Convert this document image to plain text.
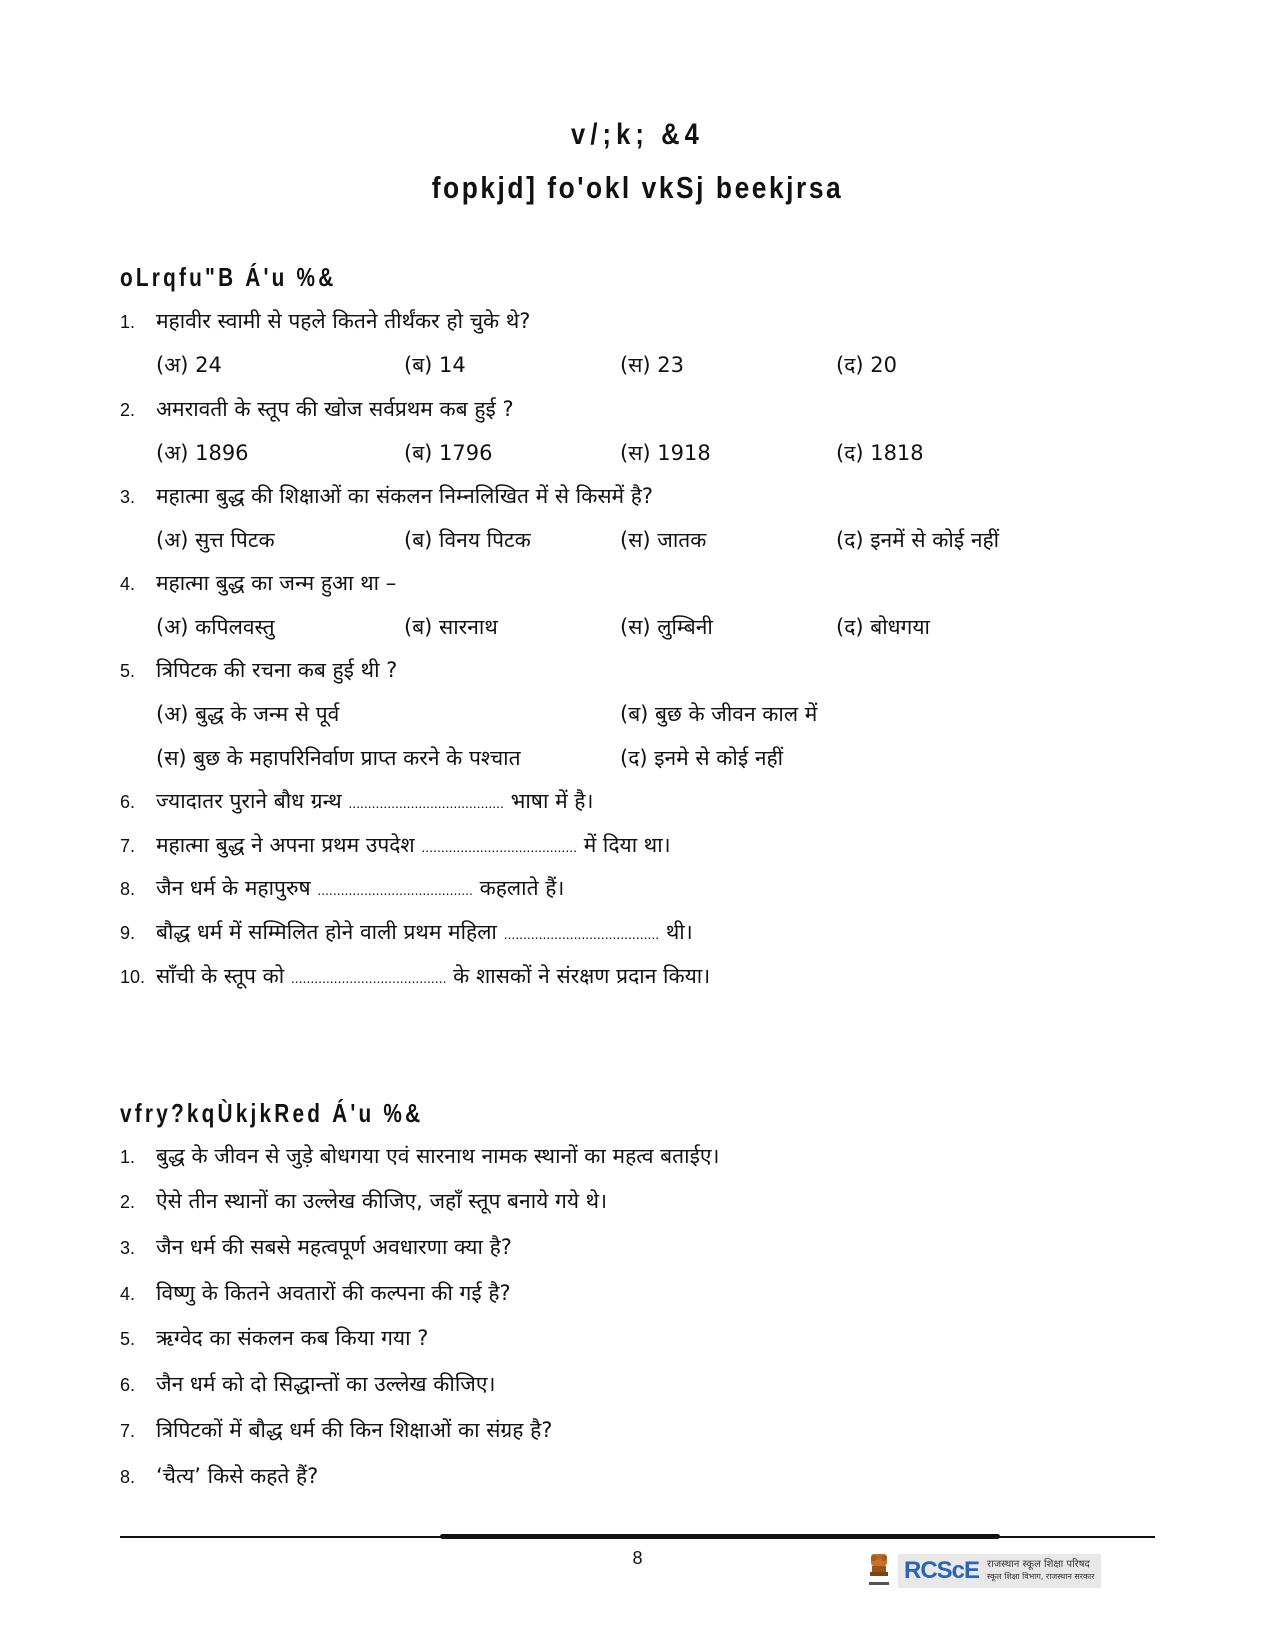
v/;k; &4
fopkjd] fo'okl vkSj beekjrsa
oLrqfu"B Á'u %&
1. महावीर स्वामी से पहले कितने तीर्थंकर हो चुके थे?
(अ) 24	(ब) 14	(स) 23	(द) 20
2. अमरावती के स्तूप की खोज सर्वप्रथम कब हुई ?
(अ) 1896	(ब) 1796	(स) 1918	(द) 1818
3. महात्मा बुद्ध की शिक्षाओं का संकलन निम्नलिखित में से किसमें है?
(अ) सुत्त पिटक	(ब) विनय पिटक	(स) जातक	(द) इनमें से कोई नहीं
4. महात्मा बुद्ध का जन्म हुआ था –
(अ) कपिलवस्तु	(ब) सारनाथ	(स) लुम्बिनी	(द) बोधगया
5. त्रिपिटक की रचना कब हुई थी ?
(अ) बुद्ध के जन्म से पूर्व	(ब) बुछ के जीवन काल में
(स) बुछ के महापरिनिर्वाण प्राप्त करने के पश्चात	(द) इनमे से कोई नहीं
6. ज्यादातर पुराने बौध ग्रन्थ ........................................ भाषा में है।
7. महात्मा बुद्ध ने अपना प्रथम उपदेश ........................................ में दिया था।
8. जैन धर्म के महापुरुष ........................................ कहलाते हैं।
9. बौद्ध धर्म में सम्मिलित होने वाली प्रथम महिला ........................................ थी।
10. साँची के स्तूप को ........................................ के शासकों ने संरक्षण प्रदान किया।
vfry?kqÙkjkRed Á'u %&
1. बुद्ध के जीवन से जुड़े बोधगया एवं सारनाथ नामक स्थानों का महत्व बताईए।
2. ऐसे तीन स्थानों का उल्लेख कीजिए, जहाँ स्तूप बनाये गये थे।
3. जैन धर्म की सबसे महत्वपूर्ण अवधारणा क्या है?
4. विष्णु के कितने अवतारों की कल्पना की गई है?
5. ऋग्वेद का संकलन कब किया गया ?
6. जैन धर्म को दो सिद्धान्तों का उल्लेख कीजिए।
7. त्रिपिटकों में बौद्ध धर्म की किन शिक्षाओं का संग्रह है?
8. ‘चैत्य’ किसे कहते हैं?
8	RCScE राजस्थान स्कूल शिक्षा परिषद
स्कूल शिक्षा विभाग, राजस्थान सरकार
